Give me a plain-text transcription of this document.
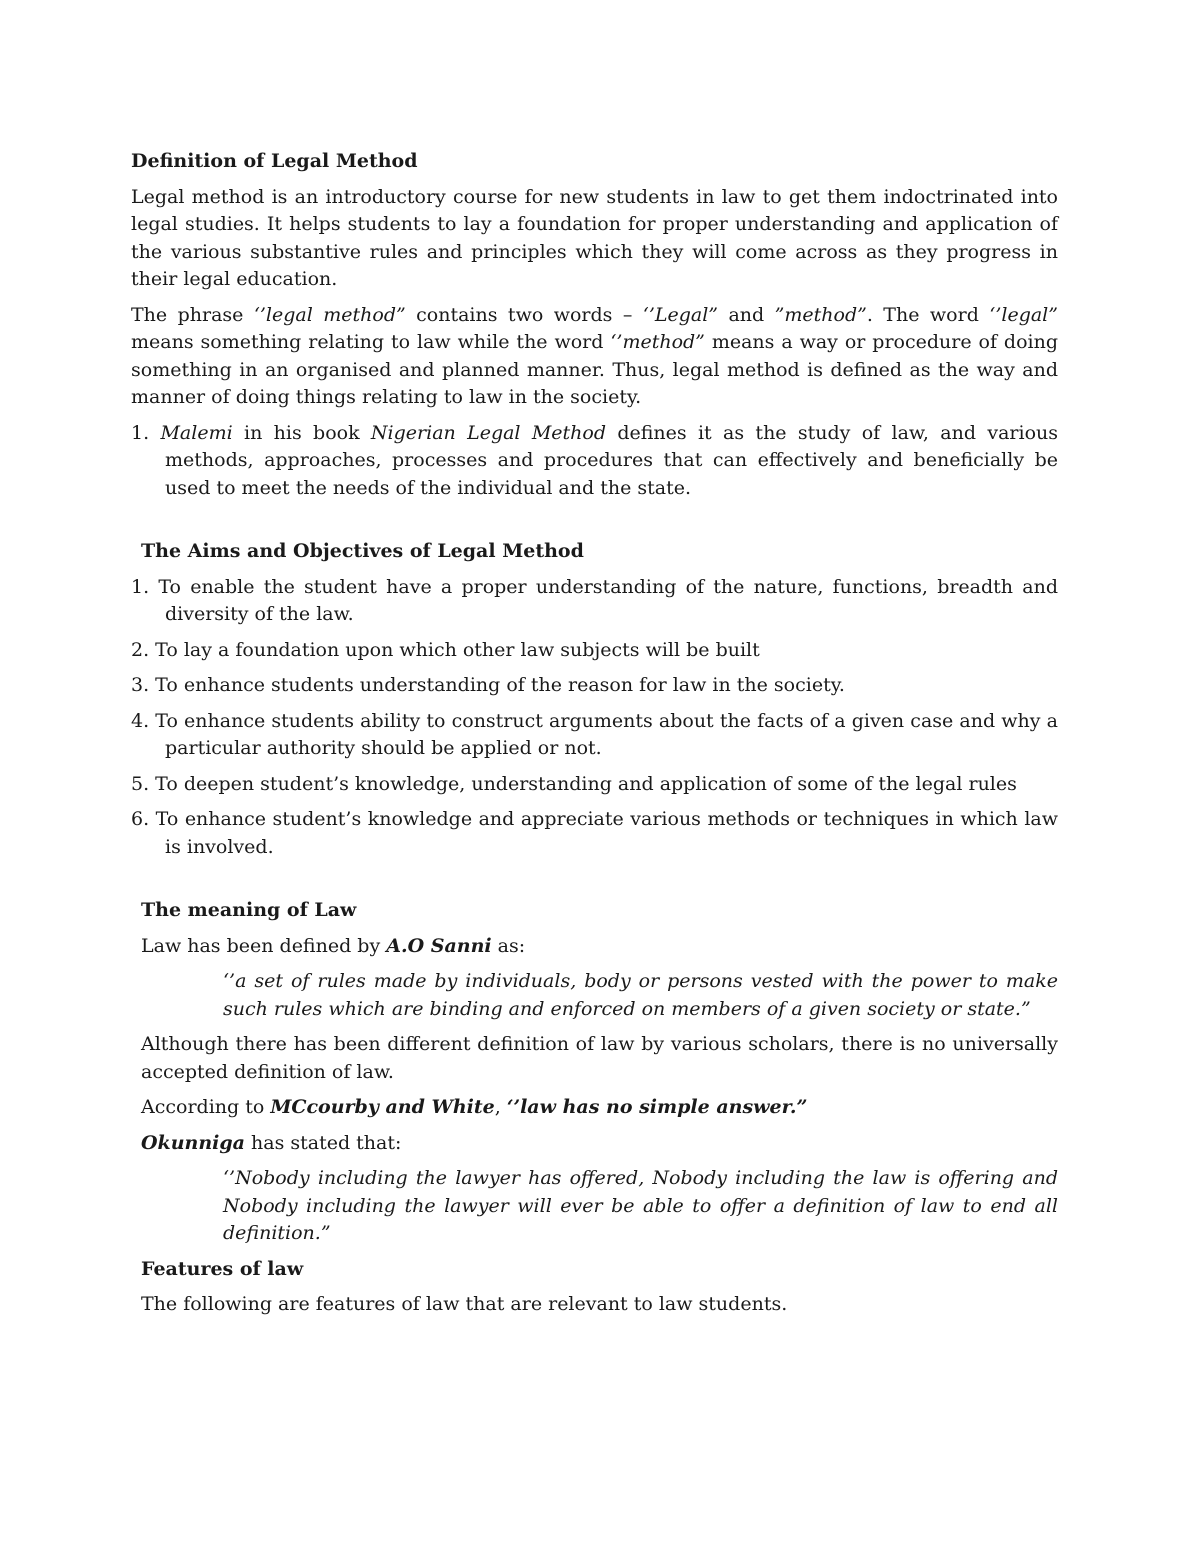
Definition of Legal Method
Legal method is an introductory course for new students in law to get them indoctrinated into legal studies. It helps students to lay a foundation for proper understanding and application of the various substantive rules and principles which they will come across as they progress in their legal education.
The phrase ‘’legal method” contains two words – ‘’Legal” and ”method”. The word ‘’legal” means something relating to law while the word ‘’method” means a way or procedure of doing something in an organised and planned manner. Thus, legal method is defined as the way and manner of doing things relating to law in the society.
1. Malemi in his book Nigerian Legal Method defines it as the study of law, and various methods, approaches, processes and procedures that can effectively and beneficially be used to meet the needs of the individual and the state.
The Aims and Objectives of Legal Method
1. To enable the student have a proper understanding of the nature, functions, breadth and diversity of the law.
2. To lay a foundation upon which other law subjects will be built
3. To enhance students understanding of the reason for law in the society.
4. To enhance students ability to construct arguments about the facts of a given case and why a particular authority should be applied or not.
5. To deepen student’s knowledge, understanding and application of some of the legal rules
6. To enhance student’s knowledge and appreciate various methods or techniques in which law is involved.
The meaning of Law
Law has been defined by A.O Sanni as:
‘’a set of rules made by individuals, body or persons vested with the power to make such rules which are binding and enforced on members of a given society or state.”
Although there has been different definition of law by various scholars, there is no universally accepted definition of law.
According to MCcourby and White, ‘’law has no simple answer.”
Okunniga has stated that:
‘’Nobody including the lawyer has offered, Nobody including the law is offering and Nobody including the lawyer will ever be able to offer a definition of law to end all definition.”
Features of law
The following are features of law that are relevant to law students.
